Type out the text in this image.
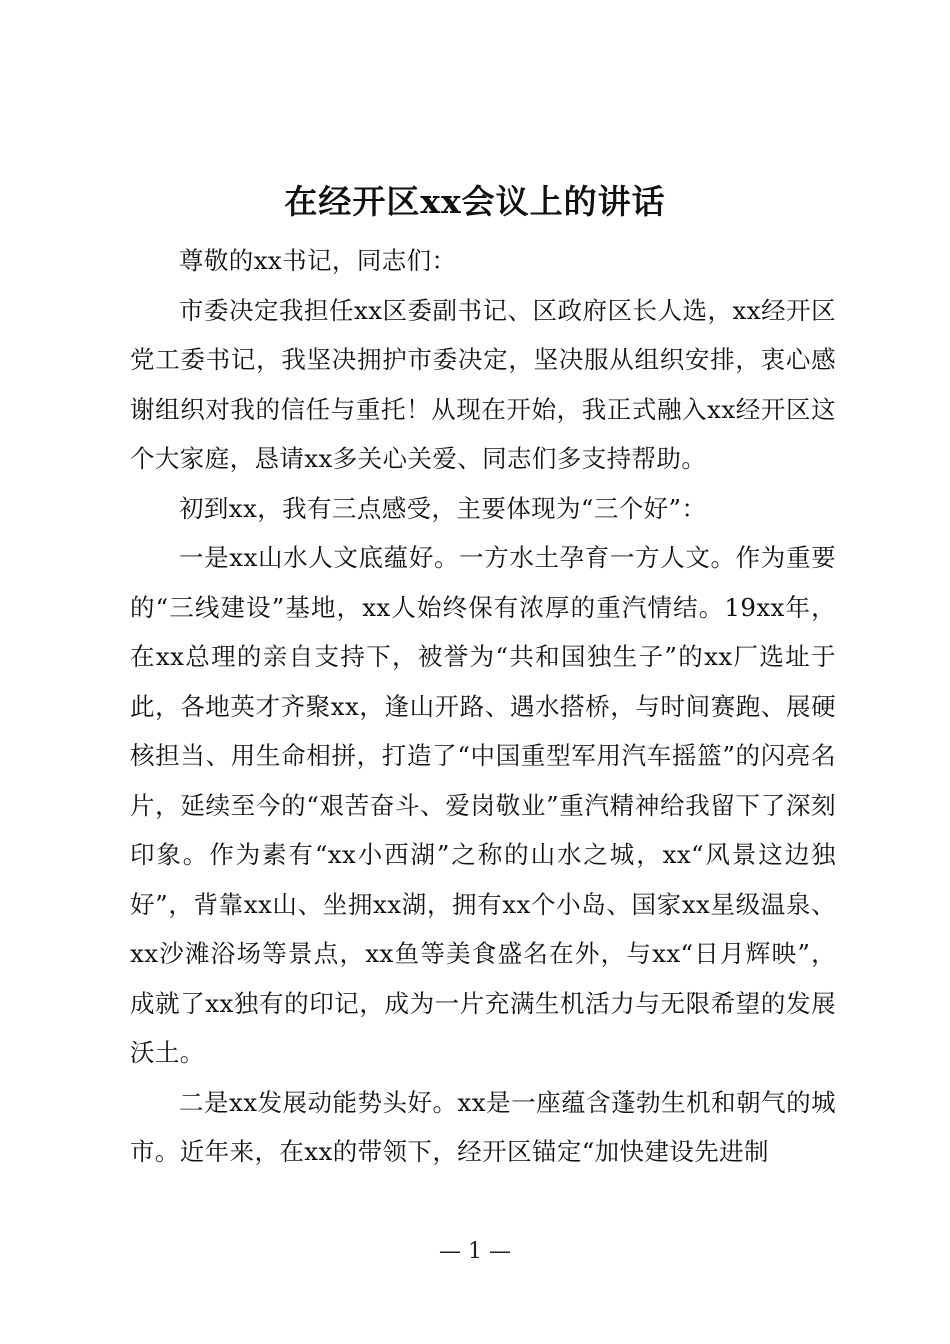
在经开区xx会议上的讲话

尊敬的xx书记，同志们：

市委决定我担任xx区委副书记、区政府区长人选，xx经开区党工委书记，我坚决拥护市委决定，坚决服从组织安排，衷心感谢组织对我的信任与重托！从现在开始，我正式融入xx经开区这个大家庭，恳请xx多关心关爱、同志们多支持帮助。

初到xx，我有三点感受，主要体现为“三个好”：

一是xx山水人文底蕴好。一方水土孕育一方人文。作为重要的“三线建设”基地，xx人始终保有浓厚的重汽情结。19xx年，在xx总理的亲自支持下，被誉为“共和国独生子”的xx厂选址于此，各地英才齐聚xx，逢山开路、遇水搭桥，与时间赛跑、展硬核担当、用生命相拼，打造了“中国重型军用汽车摇篮”的闪亮名片，延续至今的“艰苦奋斗、爱岗敬业”重汽精神给我留下了深刻印象。作为素有“xx小西湖”之称的山水之城，xx“风景这边独好”，背靠xx山、坐拥xx湖，拥有xx个小岛、国家xx星级温泉、xx沙滩浴场等景点，xx鱼等美食盛名在外，与xx“日月辉映”，成就了xx独有的印记，成为一片充满生机活力与无限希望的发展沃土。

二是xx发展动能势头好。xx是一座蕴含蓬勃生机和朝气的城市。近年来，在xx的带领下，经开区锚定“加快建设先进制

— 1 —
